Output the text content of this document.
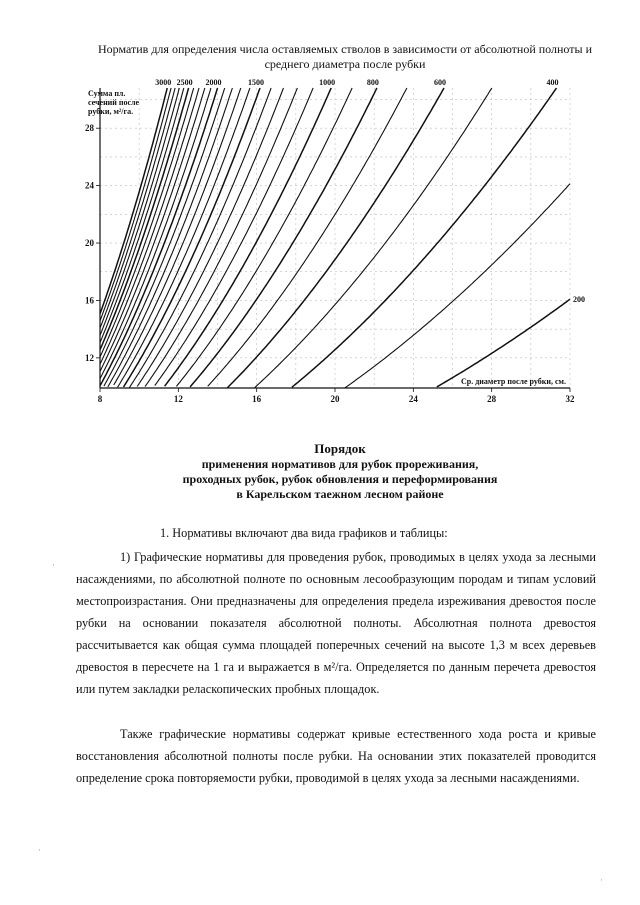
Норматив для определения числа оставляемых стволов в зависимости от абсолютной полноты и среднего диаметра после рубки
8	12	16	20	24	28	32
12
16
20
24
28
Сумма пл.
сечений после
рубки, м²/га.
Ср. диаметр после рубки, см.
3000 2500 2000	1500	1000	800	600	400
200
Порядок
применения нормативов для рубок прореживания,
проходных рубок, рубок обновления и переформирования
в Карельском таежном лесном районе
1. Нормативы включают два вида графиков и таблицы:
1) Графические нормативы для проведения рубок, проводимых в целях ухода за лесными насаждениями, по абсолютной полноте по основным лесообразующим породам и типам условий местопроизрастания. Они предназначены для определения предела изреживания древостоя после рубки на основании показателя абсолютной полноты. Абсолютная полнота древостоя рассчитывается как общая сумма площадей поперечных сечений на высоте 1,3 м всех деревьев древостоя в пересчете на 1 га и выражается в м²/га. Определяется по данным перечета древостоя или путем закладки реласкопических пробных площадок.
Также графические нормативы содержат кривые естественного хода роста и кривые восстановления абсолютной полноты после рубки. На основании этих показателей проводится определение срока повторяемости рубки, проводимой в целях ухода за лесными насаждениями.
·
·
·
